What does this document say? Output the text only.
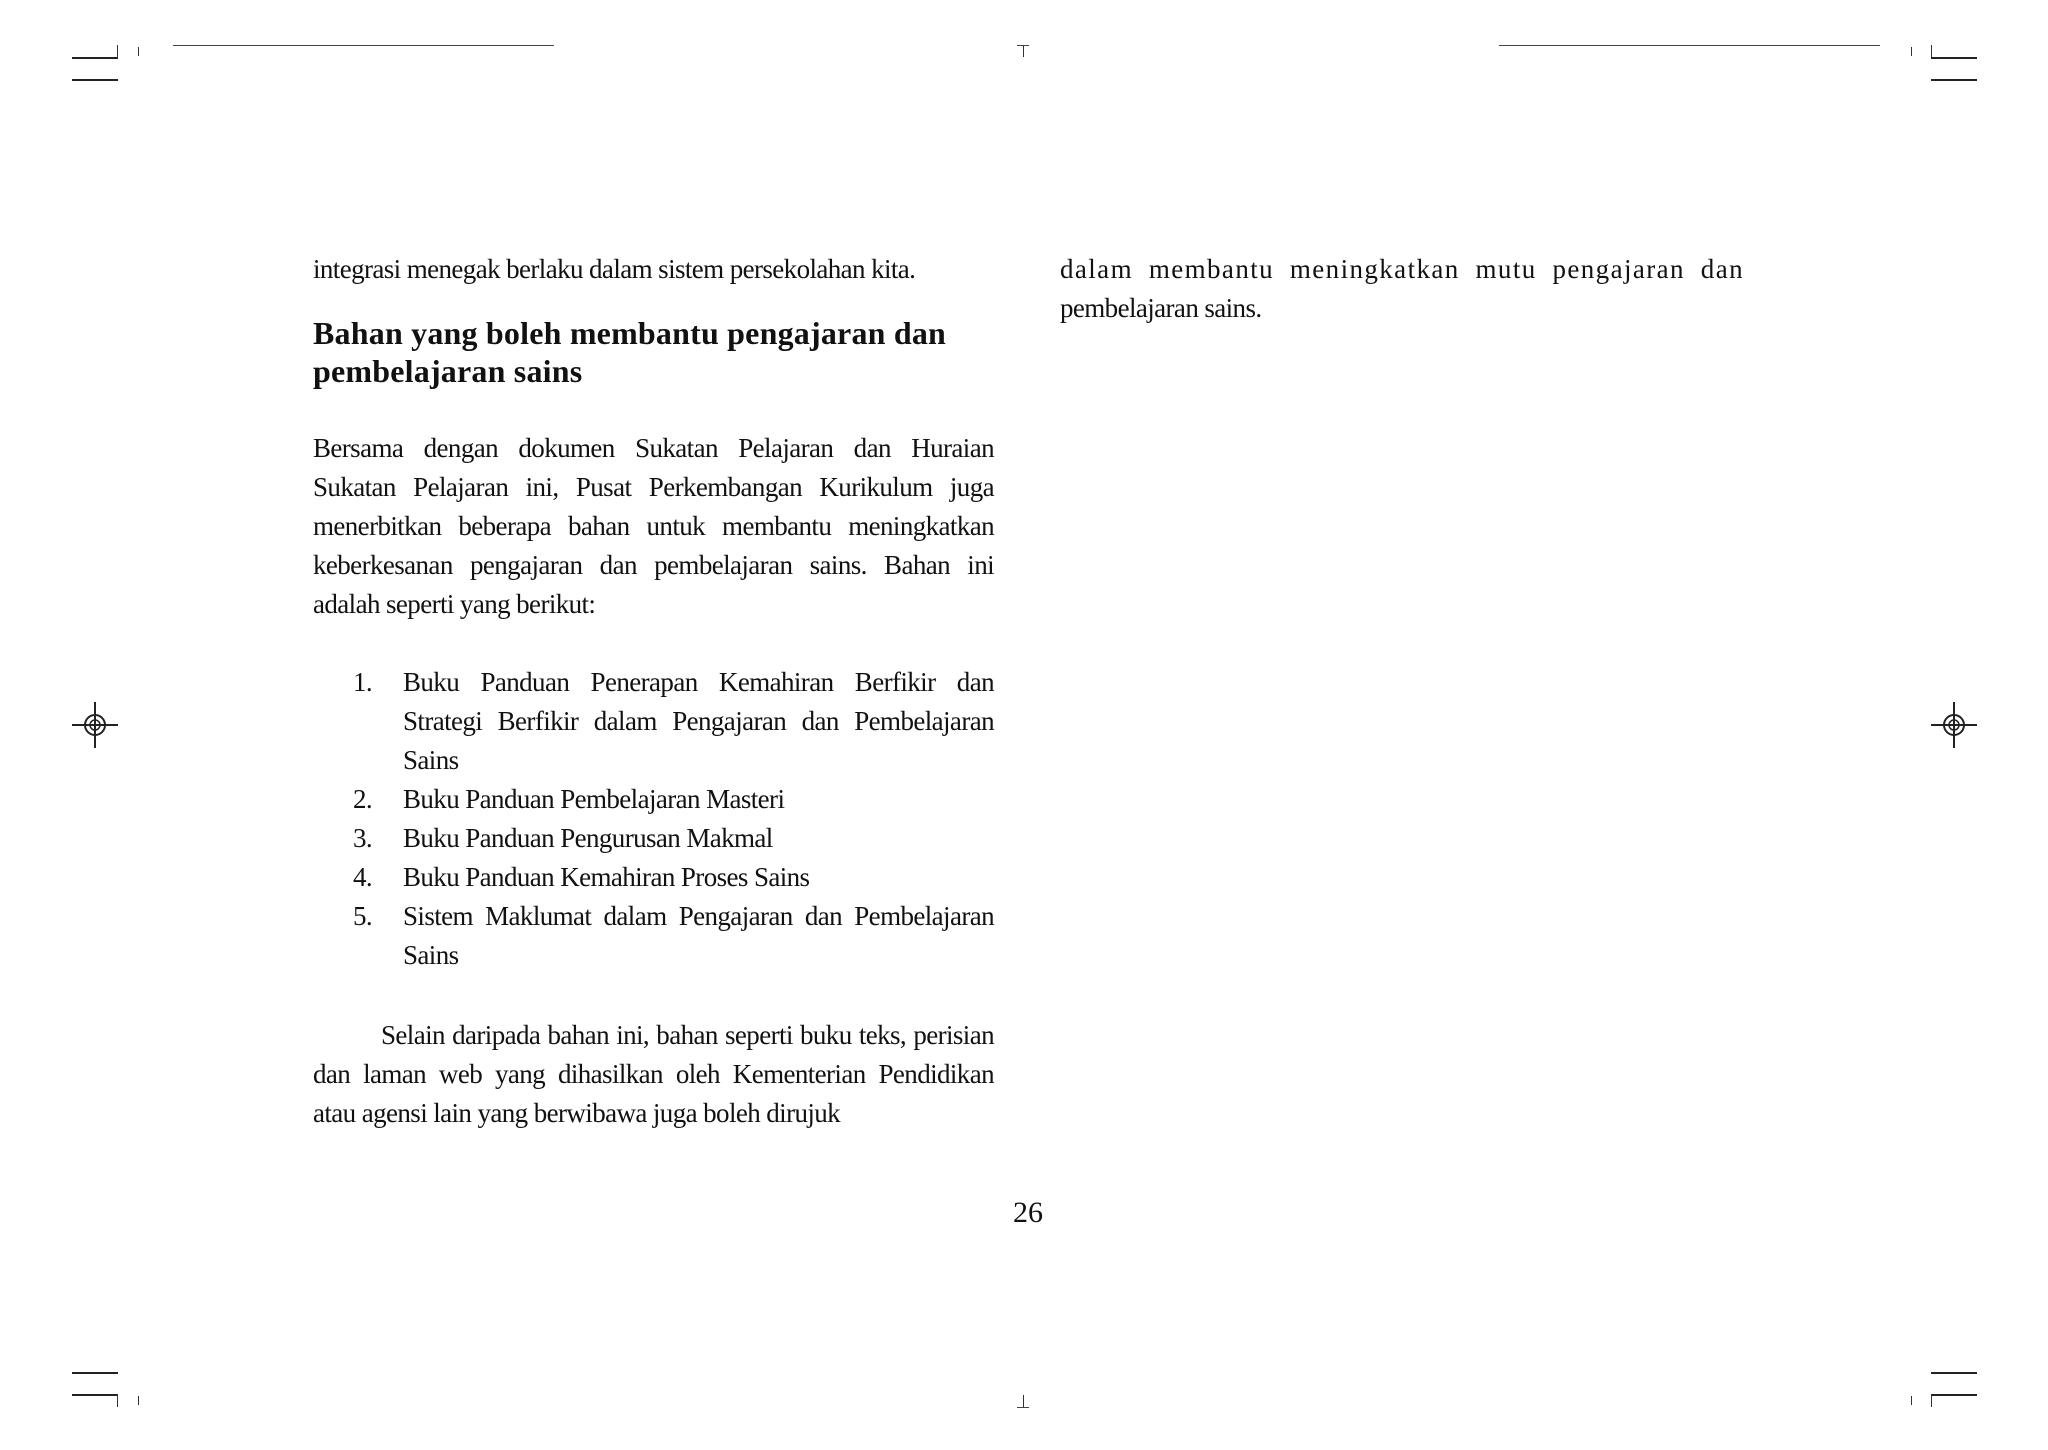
integrasi menegak berlaku dalam sistem persekolahan kita.

Bahan yang boleh membantu pengajaran dan pembelajaran sains

Bersama dengan dokumen Sukatan Pelajaran dan Huraian Sukatan Pelajaran ini, Pusat Perkembangan Kurikulum juga menerbitkan beberapa bahan untuk membantu meningkatkan keberkesanan pengajaran dan pembelajaran sains. Bahan ini adalah seperti yang berikut:

1. Buku Panduan Penerapan Kemahiran Berfikir dan Strategi Berfikir dalam Pengajaran dan Pembelajaran Sains
2. Buku Panduan Pembelajaran Masteri
3. Buku Panduan Pengurusan Makmal
4. Buku Panduan Kemahiran Proses Sains
5. Sistem Maklumat dalam Pengajaran dan Pembelajaran Sains

Selain daripada bahan ini, bahan seperti buku teks, perisian dan laman web yang dihasilkan oleh Kementerian Pendidikan atau agensi lain yang berwibawa juga boleh dirujuk

dalam membantu meningkatkan mutu pengajaran dan

pembelajaran sains.

26
